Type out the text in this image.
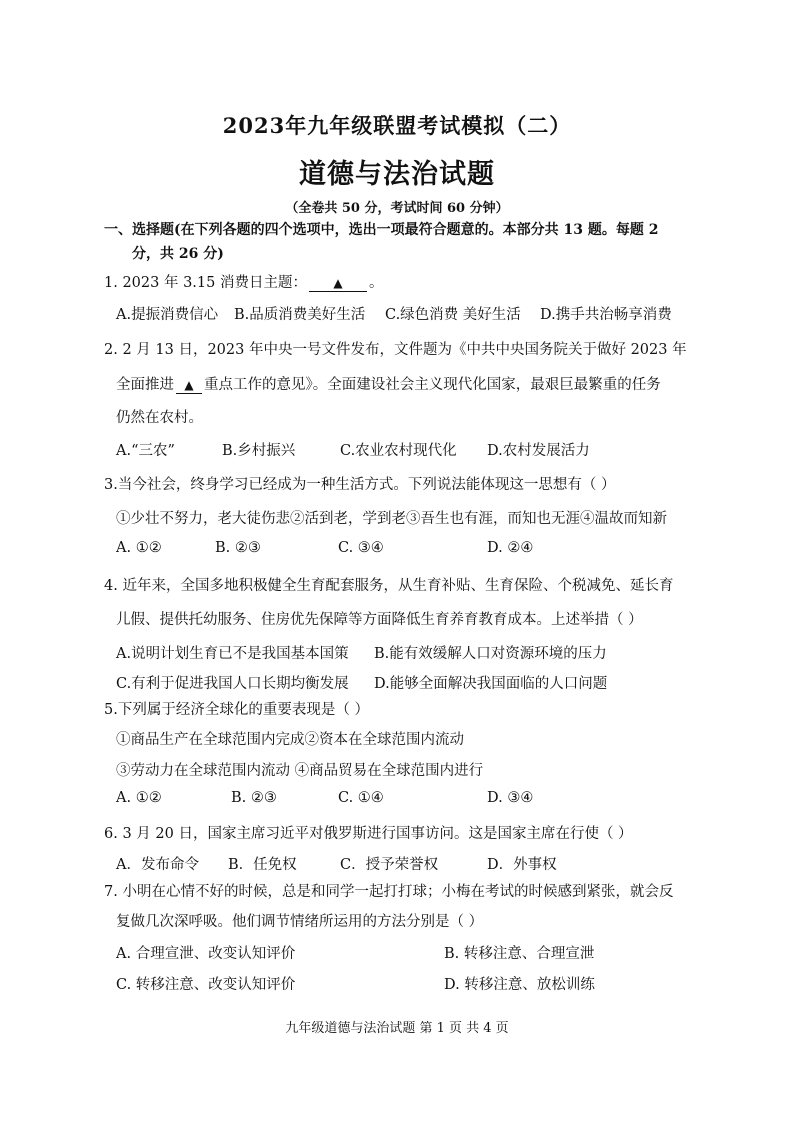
2023年九年级联盟考试模拟（二）
道德与法治试题
（全卷共 50 分，考试时间 60 分钟）
一、选择题(在下列各题的四个选项中，选出一项最符合题意的。本部分共 13 题。每题 2
分，共 26 分)
1. 2023 年 3.15 消费日主题： ▲ 。
A.提振消费信心 B.品质消费美好生活 C.绿色消费 美好生活 D.携手共治畅享消费
2. 2 月 13 日，2023 年中央一号文件发布，文件题为《中共中央国务院关于做好 2023 年
全面推进 ▲ 重点工作的意见》。全面建设社会主义现代化国家，最艰巨最繁重的任务
仍然在农村。
A.“三农”	B.乡村振兴	C.农业农村现代化 D.农村发展活力
3.当今社会，终身学习已经成为一种生活方式。下列说法能体现这一思想有（ ）
①少壮不努力，老大徒伤悲②活到老，学到老③吾生也有涯，而知也无涯④温故而知新
A. ①②	B. ②③	C. ③④	D. ②④
4. 近年来，全国多地积极健全生育配套服务，从生育补贴、生育保险、个税减免、延长育
儿假、提供托幼服务、住房优先保障等方面降低生育养育教育成本。上述举措（ ）
A.说明计划生育已不是我国基本国策 B.能有效缓解人口对资源环境的压力
C.有利于促进我国人口长期均衡发展 D.能够全面解决我国面临的人口问题
5.下列属于经济全球化的重要表现是（ ）
①商品生产在全球范围内完成②资本在全球范围内流动
③劳动力在全球范围内流动 ④商品贸易在全球范围内进行
A. ①②	B. ②③	C. ①④	D. ③④
6. 3 月 20 日，国家主席习近平对俄罗斯进行国事访问。这是国家主席在行使（ ）
A．发布命令 B．任免权	C．授予荣誉权	D．外事权
7. 小明在心情不好的时候，总是和同学一起打打球；小梅在考试的时候感到紧张，就会反
复做几次深呼吸。他们调节情绪所运用的方法分别是（ ）
A. 合理宣泄、改变认知评价	B. 转移注意、合理宣泄
C. 转移注意、改变认知评价	D. 转移注意、放松训练
九年级道德与法治试题 第 1 页 共 4 页
